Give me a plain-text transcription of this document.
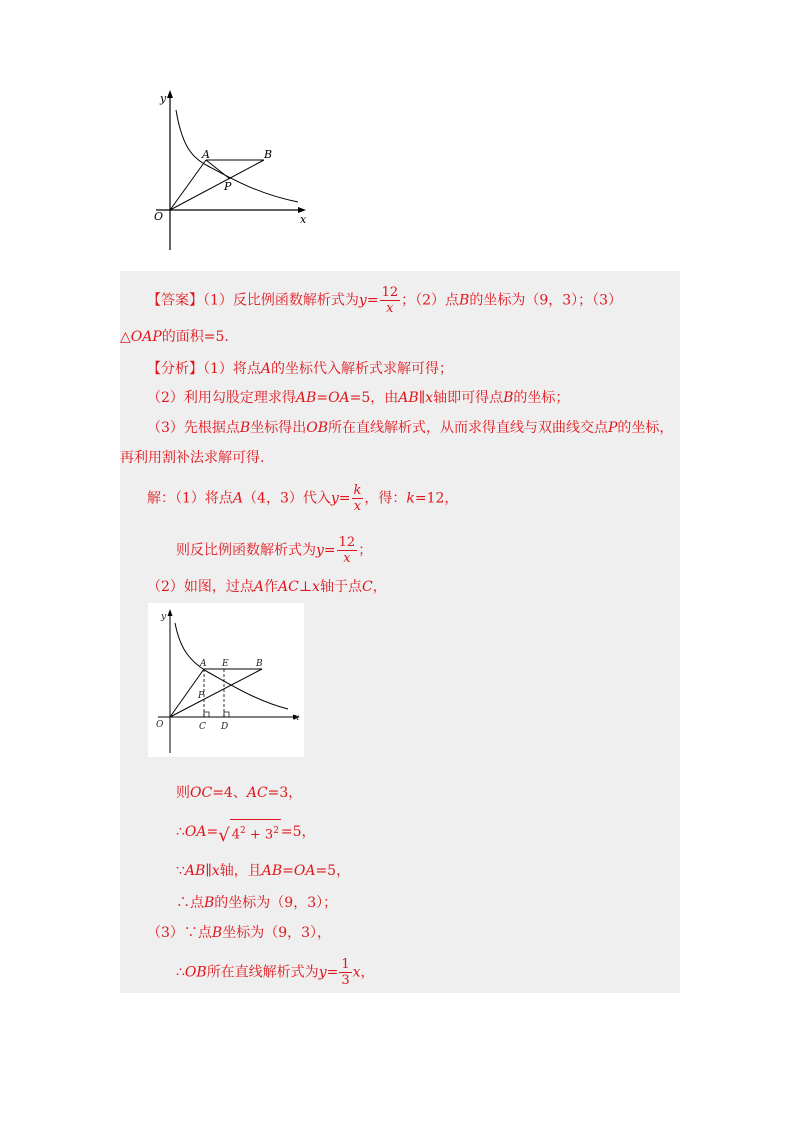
y
x
O
A	B
P
【答案】（1）反比例函数解析式为$y= \frac{12}{x}$ ；（2）点B的坐标为（9，3）；（3）
△OAP的面积=5.
【分析】（1）将点A的坐标代入解析式求解可得；
（2）利用勾股定理求得AB=OA=5，由AB∥x轴即可得点B的坐标；
（3）先根据点B坐标得出OB所在直线解析式，从而求得直线与双曲线交点P的坐标，
再利用割补法求解可得.
解：（1）将点A（4，3）代入$y= \frac{k}{x}$ ，得：k=12，
则反比例函数解析式为$y= \frac{12}{x}$ ；
（2）如图，过点A作AC⊥x轴于点C，
y
x
O
A E	B
P
C D
则OC=4、AC=3，
∴OA= √ $4^2 + 3^2 =5$，
∵AB∥x轴，且AB=OA=5，
∴点B的坐标为（9，3）；
（3）∵点B坐标为（9，3），
∴OB所在直线解析式为$y= \frac{1}{3}$ x，
